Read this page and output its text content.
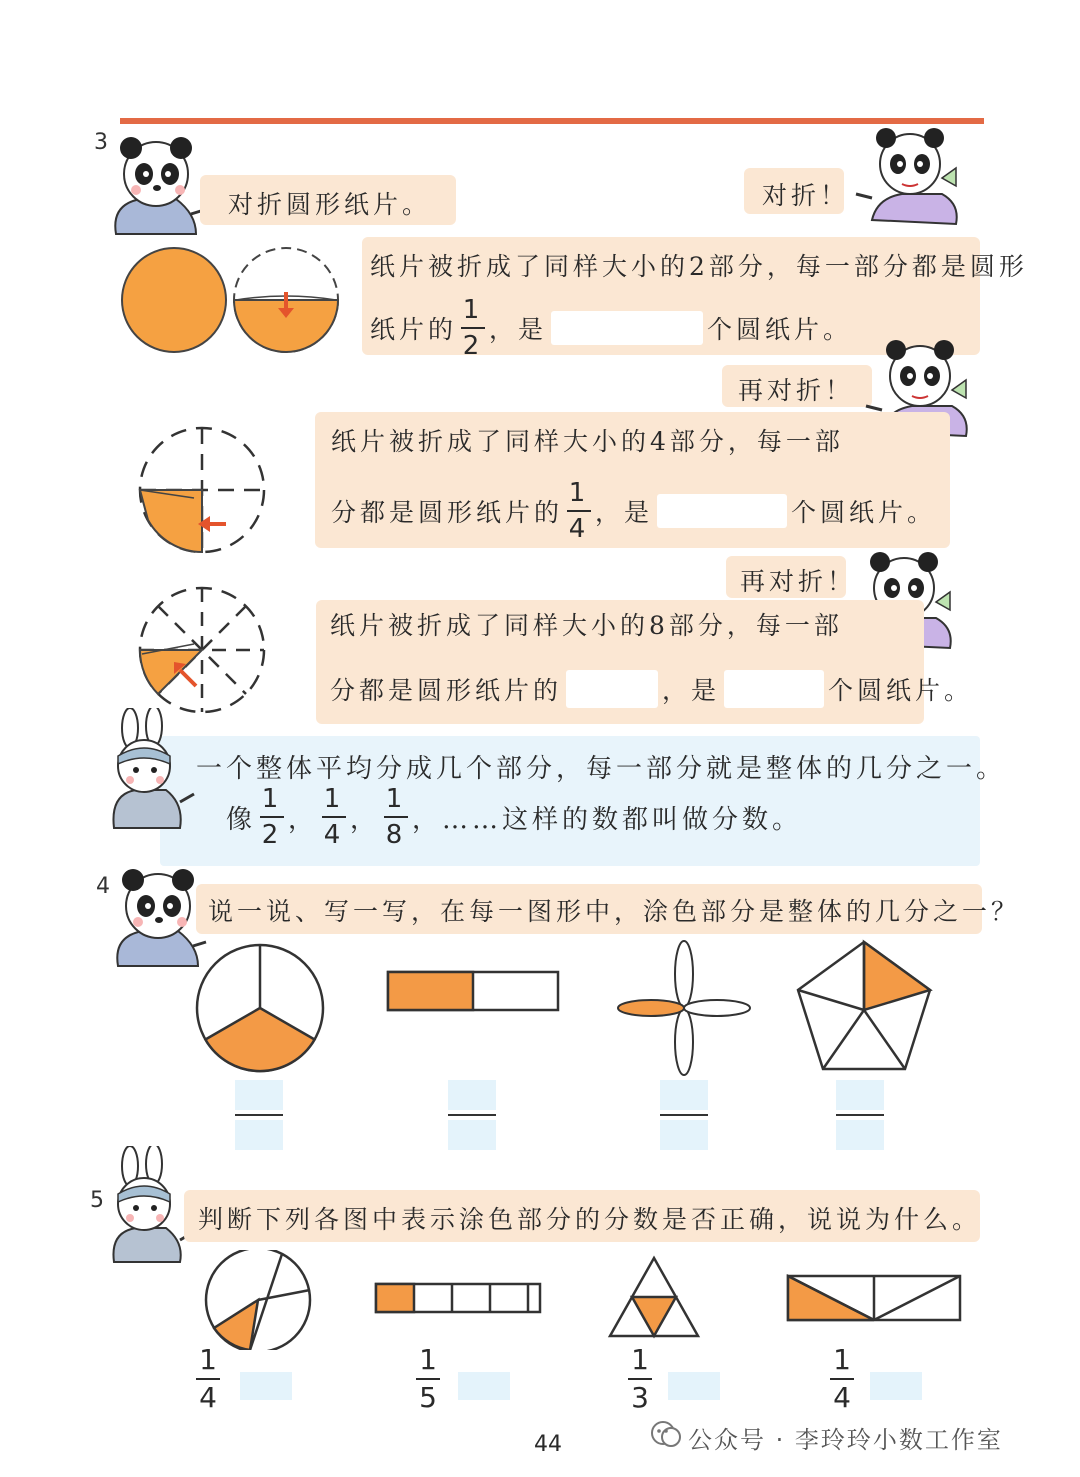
3
对折圆形纸片。	对折！
纸片被折成了同样大小的2部分，每一部分都是圆形
纸片的 $\frac{1}{2}$ ，是	个圆纸片。
再对折！
纸片被折成了同样大小的4部分，每一部
分都是圆形纸片的 $\frac{1}{4}$ ，是	个圆纸片。
再对折！
纸片被折成了同样大小的8部分，每一部
分都是圆形纸片的	，是	个圆纸片。
一个整体平均分成几个部分，每一部分就是整体的几分之一。
像 $\frac{1}{2}$ ， $\frac{1}{4}$ ， $\frac{1}{8}$ ，……这样的数都叫做分数。
4
说一说、写一写，在每一图形中，涂色部分是整体的几分之一？
5
判断下列各图中表示涂色部分的分数是否正确，说说为什么。
1
4
1
5
1
3
1
4
44	公众号 · 李玲玲小数工作室
